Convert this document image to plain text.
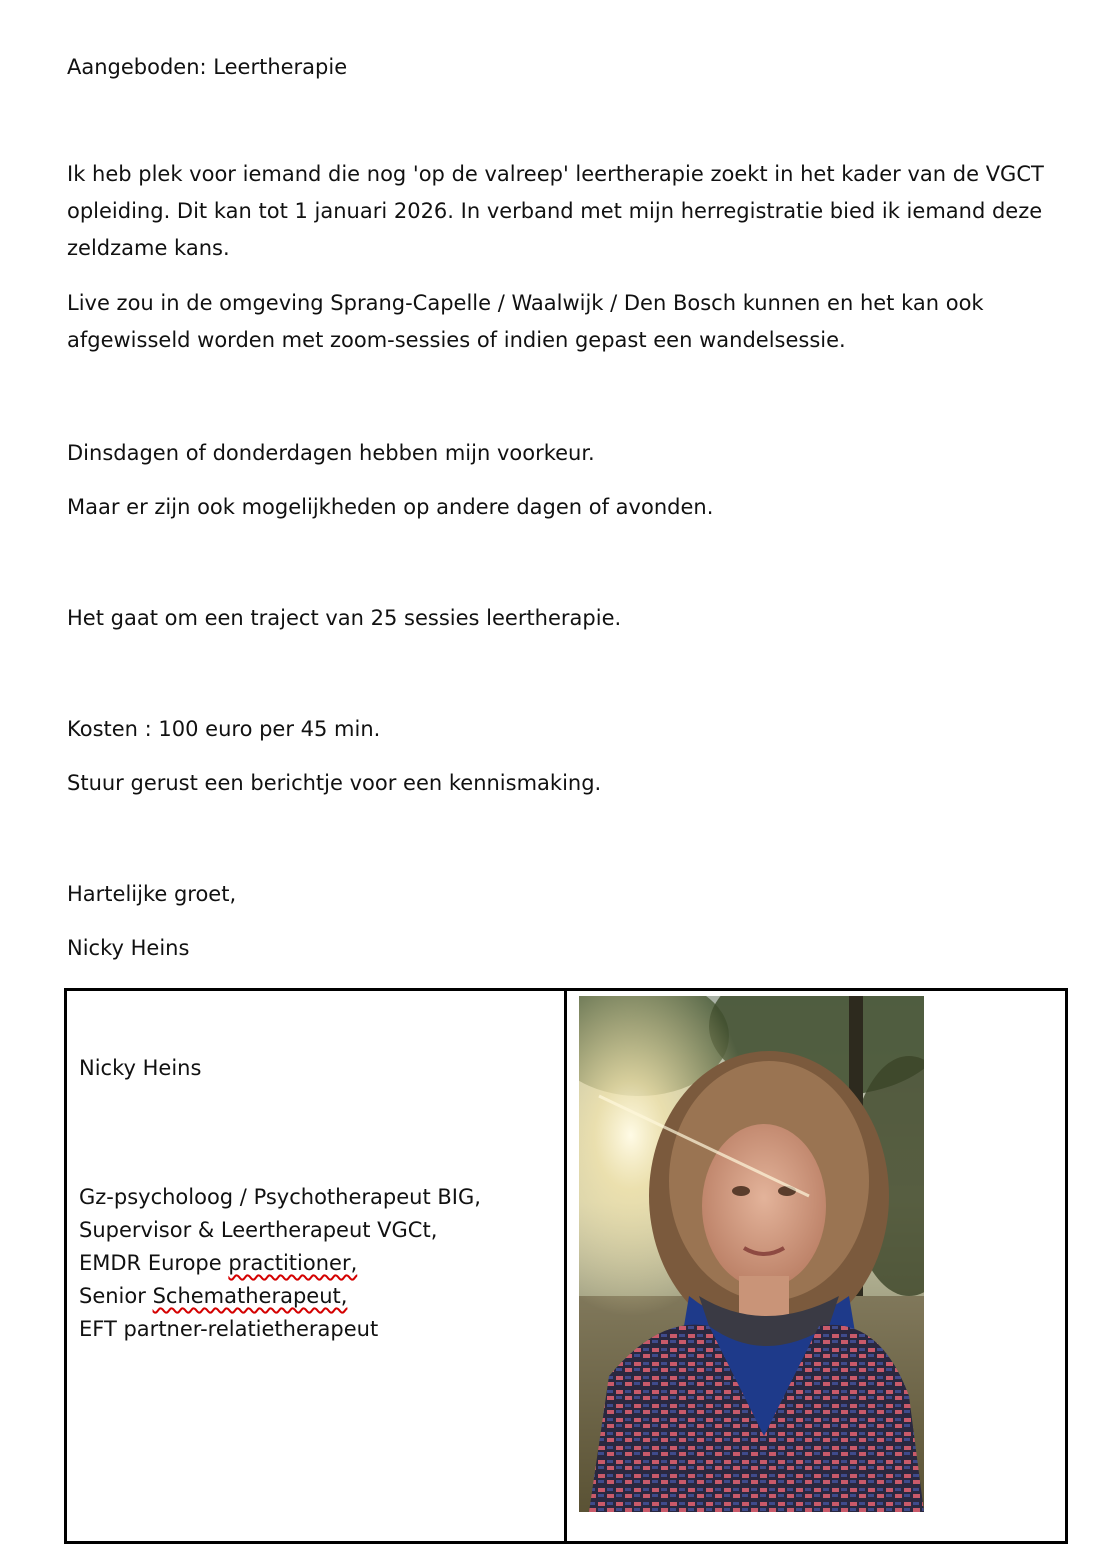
Aangeboden: Leertherapie

Ik heb plek voor iemand die nog 'op de valreep' leertherapie zoekt in het kader van de VGCT
opleiding. Dit kan tot 1 januari 2026. In verband met mijn herregistratie bied ik iemand deze
zeldzame kans.
Live zou in de omgeving Sprang-Capelle / Waalwijk / Den Bosch kunnen en het kan ook
afgewisseld worden met zoom-sessies of indien gepast een wandelsessie.

Dinsdagen of donderdagen hebben mijn voorkeur.

Maar er zijn ook mogelijkheden op andere dagen of avonden.

Het gaat om een traject van 25 sessies leertherapie.

Kosten : 100 euro per 45 min.

Stuur gerust een berichtje voor een kennismaking.

Hartelijke groet,

Nicky Heins

Nicky Heins
Gz-psycholoog / Psychotherapeut BIG,
Supervisor & Leertherapeut VGCt,
EMDR Europe practitioner,
Senior Schematherapeut,
EFT partner-relatietherapeut
